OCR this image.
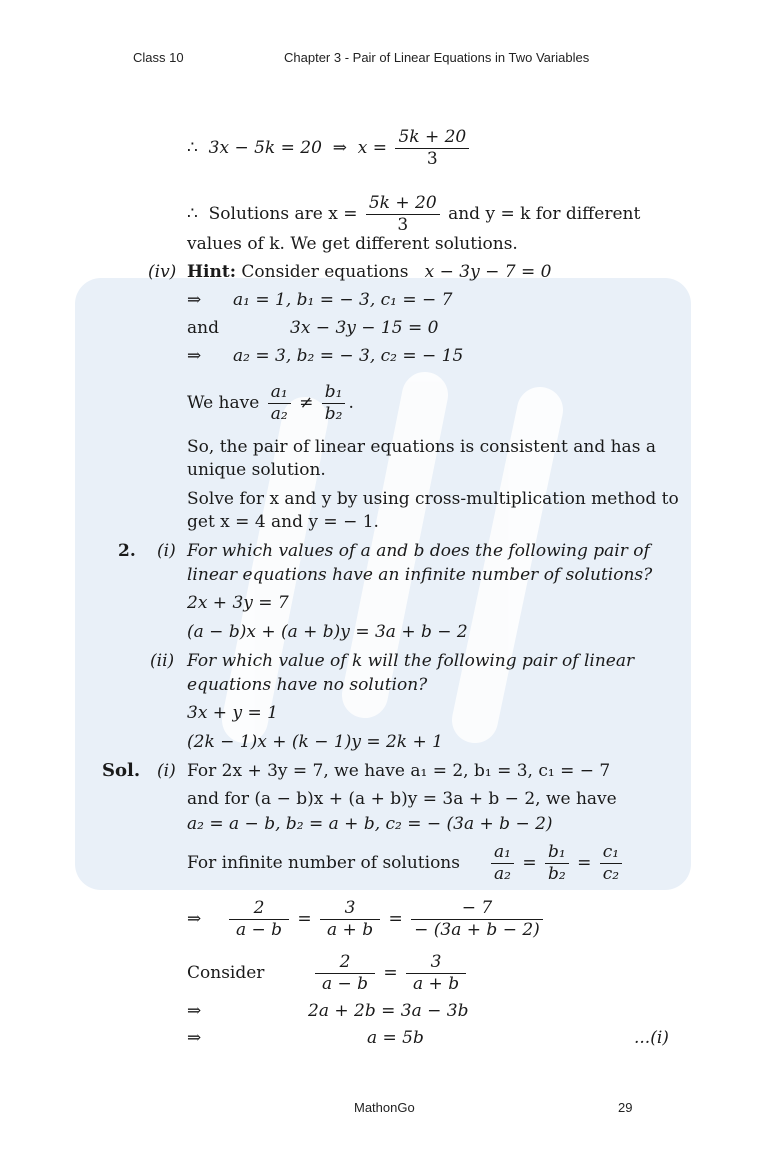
Class 10	Chapter 3 - Pair of Linear Equations in Two Variables
∴ 3x − 5k = 20 ⇒ $x = \frac{5k + 20}{3}$
∴ Solutions are $x = \frac{5k + 20}{3}$ and y = k for different
values of k. We get different solutions.
(iv) Hint: Consider equations x − 3y − 7 = 0
⇒ a₁ = 1, b₁ = − 3, c₁ = − 7
and	3x − 3y − 15 = 0
⇒ a₂ = 3, b₂ = − 3, c₂ = − 15
We have $\frac{\text{a₁}}{\text{a₂}} \ne \frac{\text{b₁}}{\text{b₂}}$ .
So, the pair of linear equations is consistent and has a
unique solution.
Solve for x and y by using cross-multiplication method to
get x = 4 and y = − 1.
2. (i) For which values of a and b does the following pair of
linear equations have an infinite number of solutions?
2x + 3y = 7
(a − b)x + (a + b)y = 3a + b − 2
(ii) For which value of k will the following pair of linear
equations have no solution?
3x + y = 1
(2k − 1)x + (k − 1)y = 2k + 1
Sol. (i) For 2x + 3y = 7, we have a₁ = 2, b₁ = 3, c₁ = − 7
and for (a − b)x + (a + b)y = 3a + b − 2, we have
a₂ = a − b, b₂ = a + b, c₂ = − (3a + b − 2)
For infinite number of solutions $\frac{\text{a₁}}{\text{a₂}} = \frac{\text{b₁}}{\text{b₂}} = \frac{\text{c₁}}{\text{c₂}}$
⇒ $\frac{2}{a - b} = \frac{3}{a + b} = \frac{- 7}{- (3a + b - 2)}$
Consider	$\frac{2}{a - b} = \frac{3}{a + b}$
⇒	2a + 2b = 3a − 3b
⇒	a = 5b	...(i)
MathonGo	29
